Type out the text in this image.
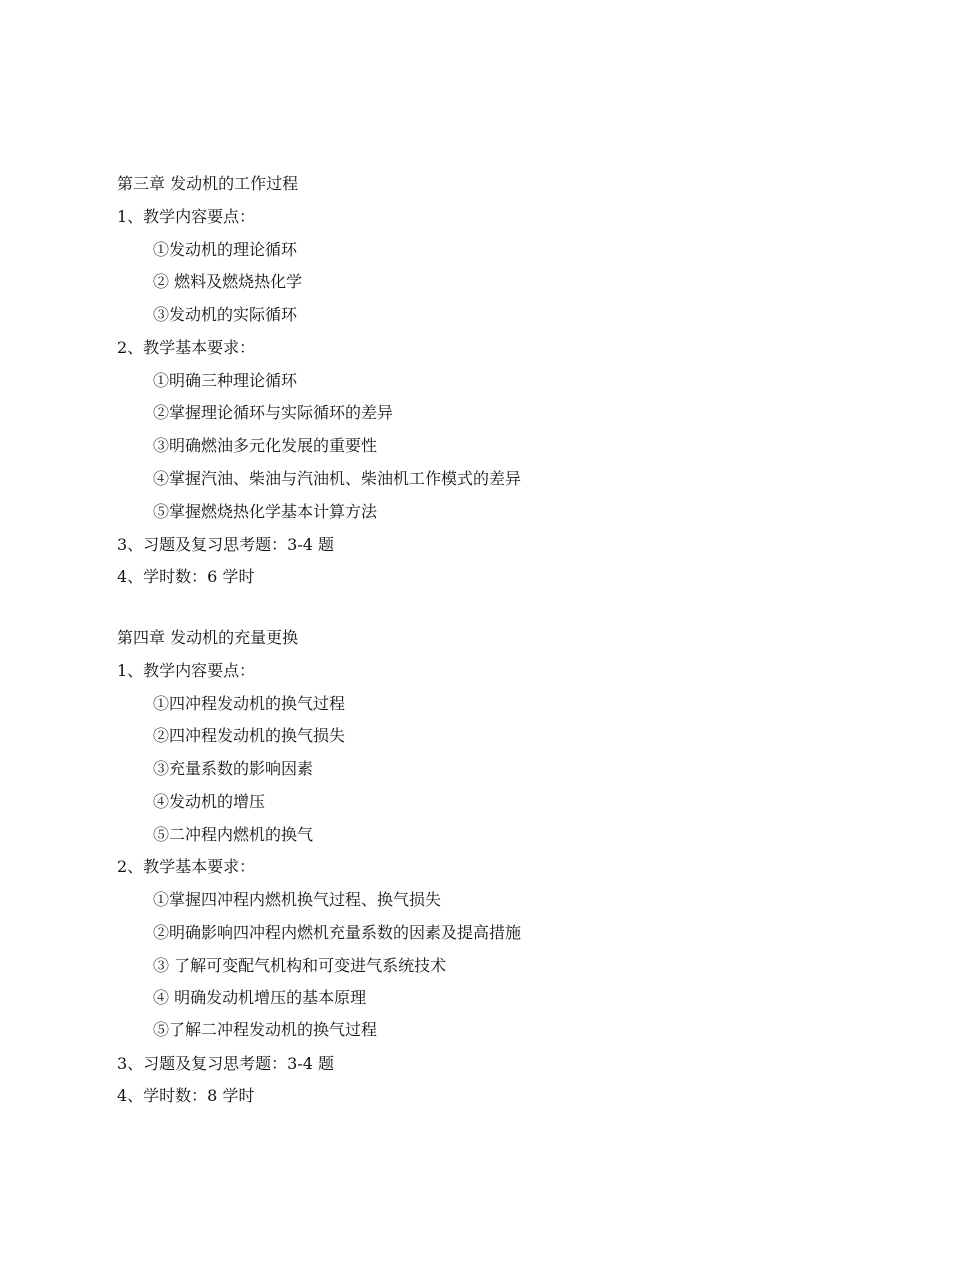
第三章 发动机的工作过程
1、教学内容要点：
①发动机的理论循环
② 燃料及燃烧热化学
③发动机的实际循环
2、教学基本要求：
①明确三种理论循环
②掌握理论循环与实际循环的差异
③明确燃油多元化发展的重要性
④掌握汽油、柴油与汽油机、柴油机工作模式的差异
⑤掌握燃烧热化学基本计算方法
3、习题及复习思考题：3-4 题
4、学时数：6 学时
第四章 发动机的充量更换
1、教学内容要点：
①四冲程发动机的换气过程
②四冲程发动机的换气损失
③充量系数的影响因素
④发动机的增压
⑤二冲程内燃机的换气
2、教学基本要求：
①掌握四冲程内燃机换气过程、换气损失
②明确影响四冲程内燃机充量系数的因素及提高措施
③ 了解可变配气机构和可变进气系统技术
④ 明确发动机增压的基本原理
⑤了解二冲程发动机的换气过程
3、习题及复习思考题：3-4 题
4、学时数：8 学时
